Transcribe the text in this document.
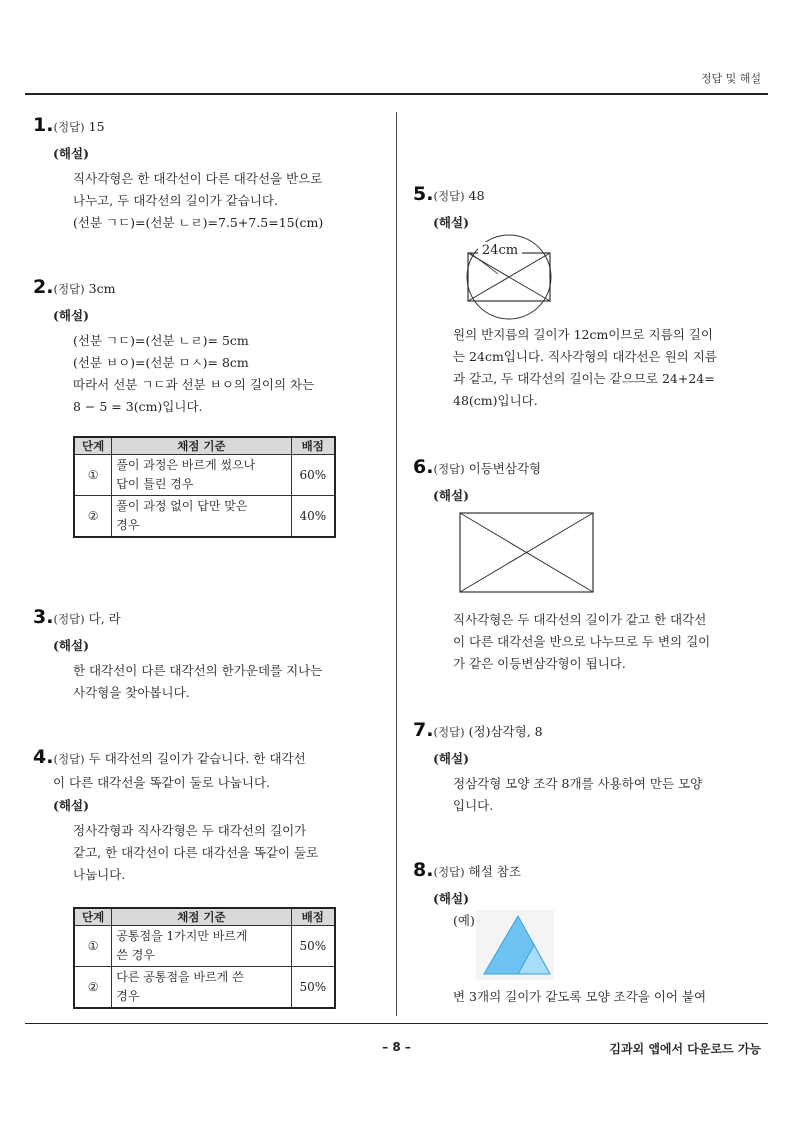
정답 및 해설
1.(정답) 15
(해설)
직사각형은 한 대각선이 다른 대각선을 반으로
나누고, 두 대각선의 길이가 같습니다.
(선분 ㄱㄷ)=(선분 ㄴㄹ)=7.5+7.5=15(cm)
2.(정답) 3cm
(해설)
(선분 ㄱㄷ)=(선분 ㄴㄹ)= 5cm
(선분 ㅂㅇ)=(선분 ㅁㅅ)= 8cm
따라서 선분 ㄱㄷ과 선분 ㅂㅇ의 길이의 차는
8 − 5 = 3(cm)입니다.
단계	채점 기준	배점
①	풀이 과정은 바르게 썼으나
답이 틀린 경우	60%
②	풀이 과정 없이 답만 맞은
경우	40%
3.(정답) 다, 라
(해설)
한 대각선이 다른 대각선의 한가운데를 지나는
사각형을 찾아봅니다.
4.(정답) 두 대각선의 길이가 같습니다. 한 대각선
이 다른 대각선을 똑같이 둘로 나눕니다.
(해설)
정사각형과 직사각형은 두 대각선의 길이가
같고, 한 대각선이 다른 대각선을 똑같이 둘로
나눕니다.
단계	채점 기준	배점
①	공통점을 1가지만 바르게
쓴 경우	50%
②	다른 공통점을 바르게 쓴
경우	50%
5.(정답) 48
(해설)
24cm
원의 반지름의 길이가 12cm이므로 지름의 길이
는 24cm입니다. 직사각형의 대각선은 원의 지름
과 같고, 두 대각선의 길이는 같으므로 24+24=
48(cm)입니다.
6.(정답) 이등변삼각형
(해설)
직사각형은 두 대각선의 길이가 같고 한 대각선
이 다른 대각선을 반으로 나누므로 두 변의 길이
가 같은 이등변삼각형이 됩니다.
7.(정답) (정)삼각형, 8
(해설)
정삼각형 모양 조각 8개를 사용하여 만든 모양
입니다.
8.(정답) 해설 참조
(해설)
(예)
변 3개의 길이가 같도록 모양 조각을 이어 붙여
– 8 –	김과외 앱에서 다운로드 가능
